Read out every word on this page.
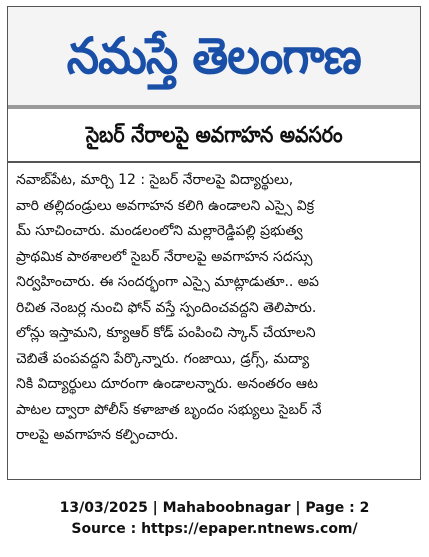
నమస్తే తెలంగాణ
సైబర్ నేరాలపై అవగాహన అవసరం
నవాబ్‌పేట, మార్చి 12 : సైబర్ నేరాలపై విద్యార్థులు,
వారి తల్లిదండ్రులు అవగాహన కలిగి ఉండాలని ఎస్సై విక్ర
మ్ సూచించారు. మండలంలోని మల్లారెడ్డిపల్లి ప్రభుత్వ
ప్రాథమిక పాఠశాలలో సైబర్ నేరాలపై అవగాహన సదస్సు
నిర్వహించారు. ఈ సందర్భంగా ఎస్సై మాట్లాడుతూ.. అప
రిచిత నెంబర్ల నుంచి ఫోన్ వస్తే స్పందించవద్దని తెలిపారు.
లోన్లు ఇస్తామని, క్యూఆర్ కోడ్ పంపించి స్కాన్ చేయాలని
చెబితే పంపవద్దని పేర్కొన్నారు. గంజాయి, డ్రగ్స్, మద్యా
నికి విద్యార్థులు దూరంగా ఉండాలన్నారు. అనంతరం ఆట
పాటల ద్వారా పోలీస్ కళాజాత బృందం సభ్యులు సైబర్ నే
రాలపై అవగాహన కల్పించారు.
13/03/2025 | Mahaboobnagar | Page : 2
Source : https://epaper.ntnews.com/
